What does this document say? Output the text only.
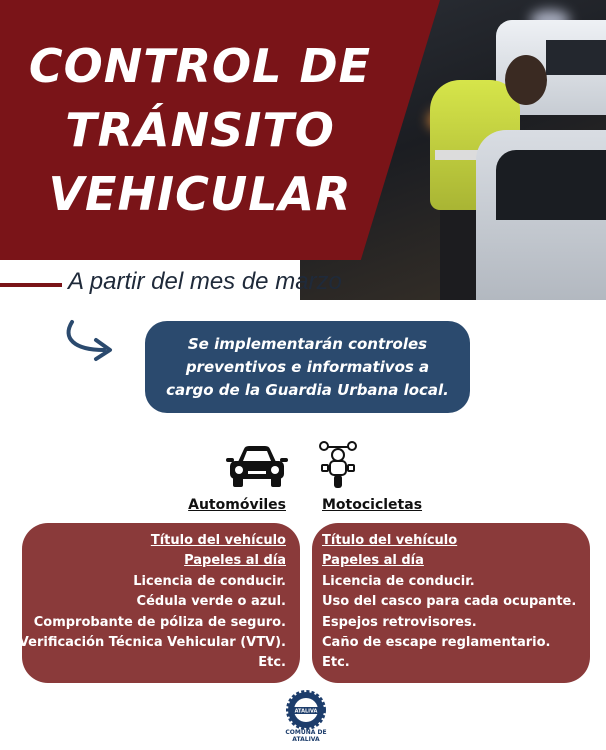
CONTROL DE
TRÁNSITO
VEHICULAR
A partir del mes de marzo
Se implementarán controles
preventivos e informativos a
cargo de la Guardia Urbana local.
Automóviles	Motocicletas
Título del vehículo
Papeles al día
Licencia de conducir.
Cédula verde o azul.
Comprobante de póliza de seguro.
Verificación Técnica Vehicular (VTV).
Etc.
Título del vehículo
Papeles al día
Licencia de conducir.
Uso del casco para cada ocupante.
Espejos retrovisores.
Caño de escape reglamentario.
Etc.
ATALIVA
COMUNA DE
ATALIVA
